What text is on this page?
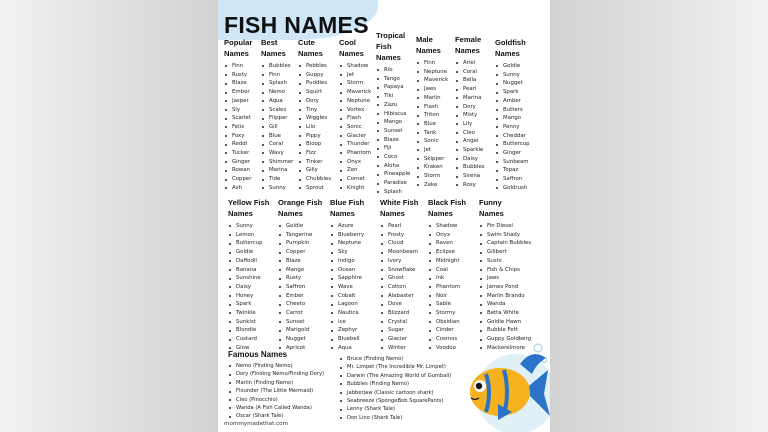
FISH NAMES
Popular
Names
Finn
Rusty
Blaze
Ember
Jasper
Sly
Scarlet
Felix
Foxy
Reddi
Tucker
Ginger
Rowan
Copper
Ash
Best
Names
Bubbles
Finn
Splash
Nemo
Aqua
Scales
Flipper
Gill
Blue
Coral
Wavy
Shimmer
Marina
Tide
Sunny
Cute
Names
Pebbles
Guppy
Puddles
Squirt
Dory
Tiny
Wiggles
Lilo
Pippy
Bloop
Fizz
Tinker
Gilly
Chubbles
Sprout
Cool
Names
Shadow
Jet
Storm
Maverick
Neptune
Vortex
Flash
Sonic
Glacier
Thunder
Phantom
Onyx
Zen
Comet
Knight
Tropical
Fish
Names
Rio
Tango
Papaya
Tiki
Zazu
Hibiscus
Mango
Sunset
Blaze
Fiji
Coco
Aloha
Pineapple
Paradise
Splash
Male
Names
Finn
Neptune
Maverick
Jaws
Marlin
Flash
Triton
Blue
Tank
Sonic
Jet
Skipper
Kraken
Storm
Zeke
Female
Names
Ariel
Coral
Bella
Pearl
Marina
Dory
Misty
Lily
Cleo
Angel
Sparkle
Daisy
Bubbles
Sirena
Rosy
Goldfish
Names
Goldie
Sunny
Nugget
Spark
Amber
Butters
Mango
Penny
Cheddar
Buttercup
Ginger
Sunbeam
Topaz
Saffron
Goldrush
Yellow Fish
Names
Sunny
Lemon
Buttercup
Goldie
Daffodil
Banana
Sunshine
Daisy
Honey
Spark
Twinkle
Sunkist
Blondie
Custard
Glow
Orange Fish
Names
Goldie
Tangerine
Pumpkin
Copper
Blaze
Mango
Rusty
Saffron
Ember
Cheeto
Carrot
Sunset
Marigold
Nugget
Apricot
Blue Fish
Names
Azure
Blueberry
Neptune
Sky
Indigo
Ocean
Sapphire
Wave
Cobalt
Lagoon
Nautica
Ice
Zephyr
Bluebell
Aqua
White Fish
Names
Pearl
Frosty
Cloud
Moonbeam
Ivory
Snowflake
Ghost
Cotton
Alabaster
Dove
Blizzard
Crystal
Sugar
Glacier
Winter
Black Fish
Names
Shadow
Onyx
Raven
Eclipse
Midnight
Coal
Ink
Phantom
Noir
Sable
Stormy
Obsidian
Cinder
Cosmos
Voodoo
Funny
Names
Fin Diesel
Swim Shady
Captain Bubbles
Gillbert
Sushi
Fish & Chips
Jaws
James Pond
Marlin Brando
Wanda
Betta White
Goldie Hawn
Bubble Fett
Guppy Goldberg
Mackerelmore
Famous Names
Nemo (Finding Nemo)
Dory (Finding Nemo/Finding Dory)
Marlin (Finding Nemo)
Flounder (The Little Mermaid)
Cleo (Pinocchio)
Wanda (A Fish Called Wanda)
Oscar (Shark Tale)
Bruce (Finding Nemo)
Mr. Limpet (The Incredible Mr. Limpet)
Darwin (The Amazing World of Gumball)
Bubbles (Finding Nemo)
Jabberjaw (Classic cartoon shark)
Seabreeze (SpongeBob SquarePants)
Lenny (Shark Tale)
Don Lino (Shark Tale)
mommymadethat.com
